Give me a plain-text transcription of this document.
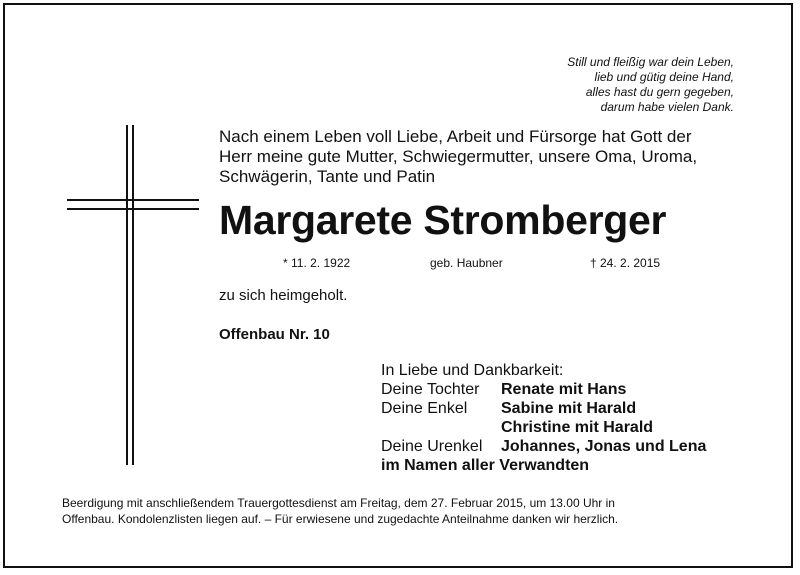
Still und fleißig war dein Leben,
lieb und gütig deine Hand,
alles hast du gern gegeben,
darum habe vielen Dank.
Nach einem Leben voll Liebe, Arbeit und Fürsorge hat Gott der
Herr meine gute Mutter, Schwiegermutter, unsere Oma, Uroma,
Schwägerin, Tante und Patin
Margarete Stromberger
* 11. 2. 1922	geb. Haubner	† 24. 2. 2015
zu sich heimgeholt.
Offenbau Nr. 10
In Liebe und Dankbarkeit:
Deine Tochter Renate mit Hans
Deine Enkel Sabine mit Harald
Christine mit Harald
Deine Urenkel Johannes, Jonas und Lena
im Namen aller Verwandten
Beerdigung mit anschließendem Trauergottesdienst am Freitag, dem 27. Februar 2015, um 13.00 Uhr in
Offenbau. Kondolenzlisten liegen auf. – Für erwiesene und zugedachte Anteilnahme danken wir herzlich.
